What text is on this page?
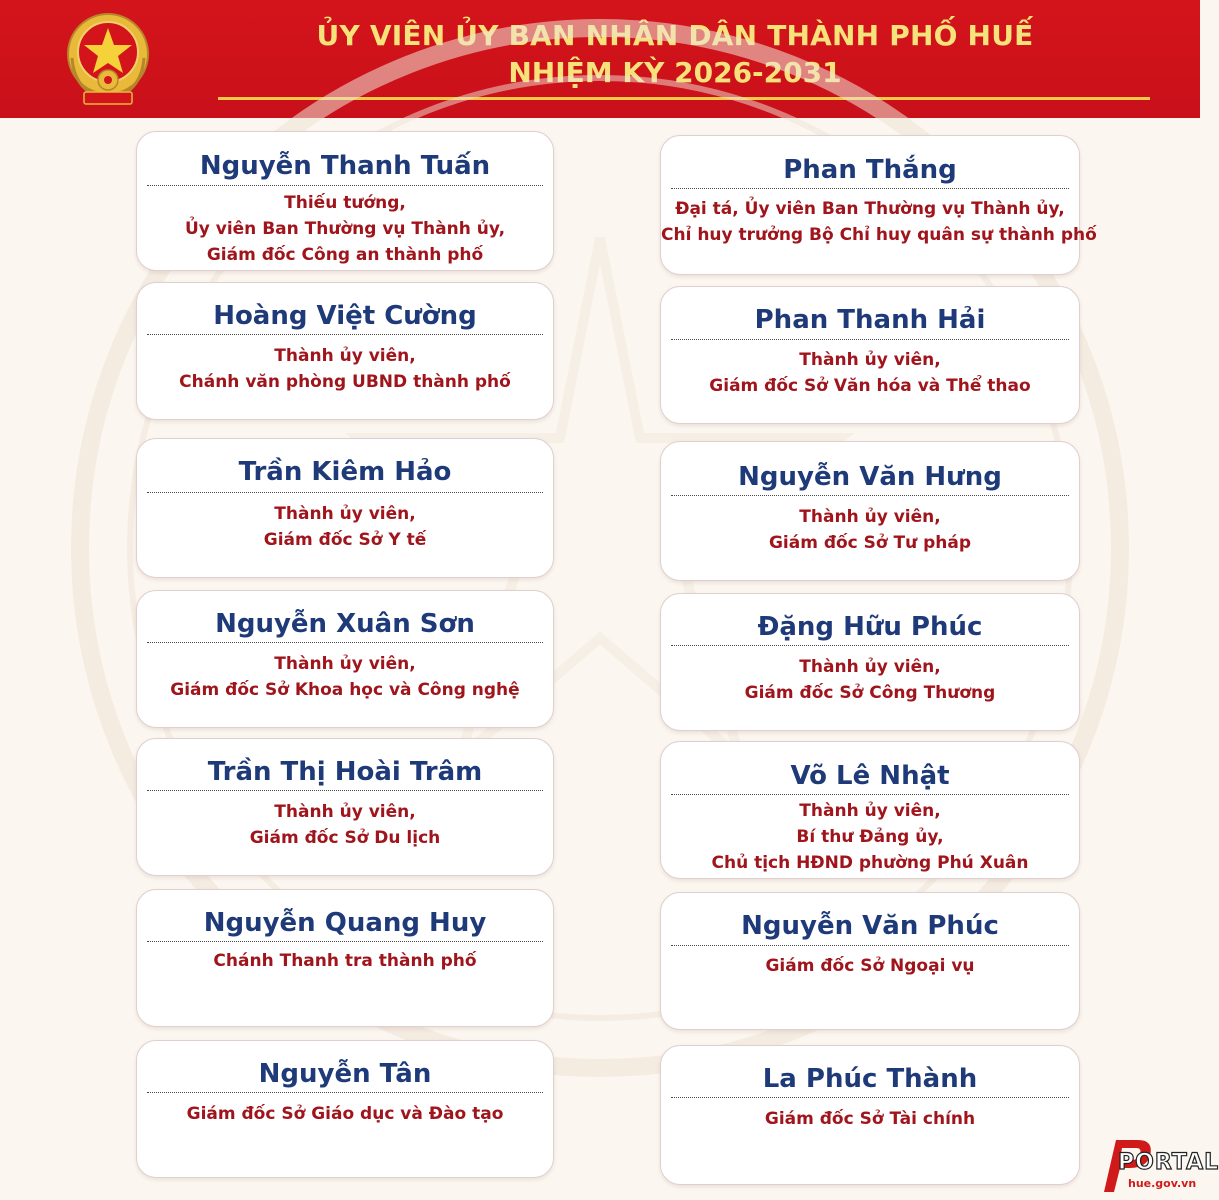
ỦY VIÊN ỦY BAN NHÂN DÂN THÀNH PHỐ HUẾ
NHIỆM KỲ 2026-2031
Nguyễn Thanh Tuấn
Thiếu tướng,
Ủy viên Ban Thường vụ Thành ủy,
Giám đốc Công an thành phố
Hoàng Việt Cường
Thành ủy viên,
Chánh văn phòng UBND thành phố
Trần Kiêm Hảo
Thành ủy viên,
Giám đốc Sở Y tế
Nguyễn Xuân Sơn
Thành ủy viên,
Giám đốc Sở Khoa học và Công nghệ
Trần Thị Hoài Trâm
Thành ủy viên,
Giám đốc Sở Du lịch
Nguyễn Quang Huy
Chánh Thanh tra thành phố
Nguyễn Tân
Giám đốc Sở Giáo dục và Đào tạo
Phan Thắng
Đại tá, Ủy viên Ban Thường vụ Thành ủy,
Chỉ huy trưởng Bộ Chỉ huy quân sự thành phố
Phan Thanh Hải
Thành ủy viên,
Giám đốc Sở Văn hóa và Thể thao
Nguyễn Văn Hưng
Thành ủy viên,
Giám đốc Sở Tư pháp
Đặng Hữu Phúc
Thành ủy viên,
Giám đốc Sở Công Thương
Võ Lê Nhật
Thành ủy viên,
Bí thư Đảng ủy,
Chủ tịch HĐND phường Phú Xuân
Nguyễn Văn Phúc
Giám đốc Sở Ngoại vụ
La Phúc Thành
Giám đốc Sở Tài chính
PORTAL
hue.gov.vn
